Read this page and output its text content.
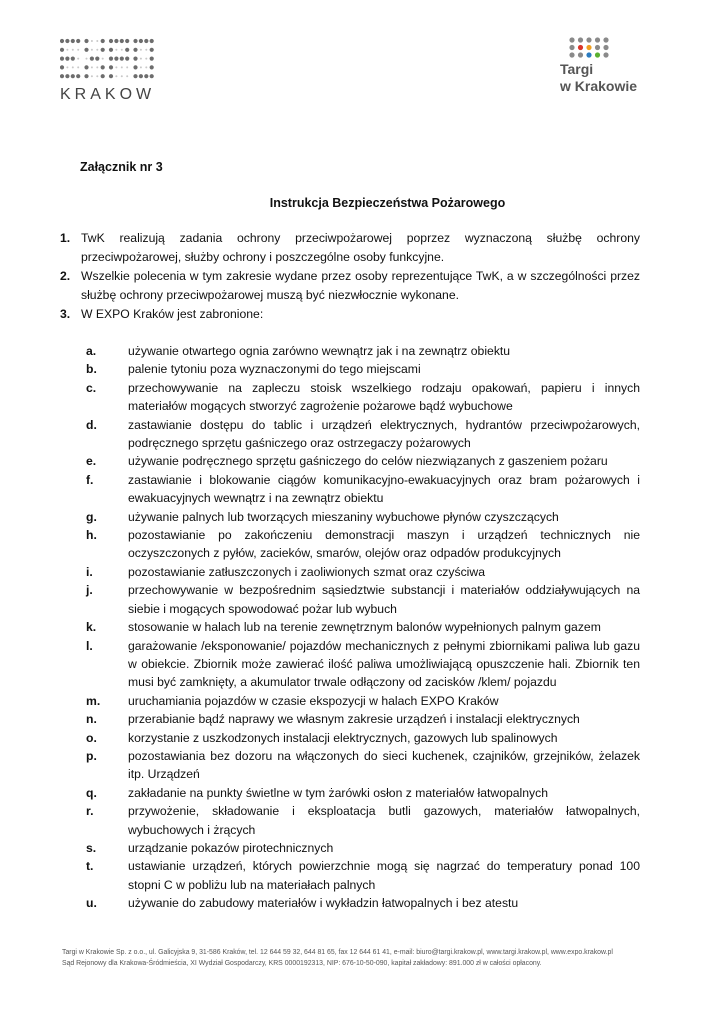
KRAKOW
Targi
w Krakowie
Załącznik nr 3
Instrukcja Bezpieczeństwa Pożarowego
1. TwK realizują zadania ochrony przeciwpożarowej poprzez wyznaczoną służbę ochrony przeciwpożarowej, służby ochrony i poszczególne osoby funkcyjne.
2. Wszelkie polecenia w tym zakresie wydane przez osoby reprezentujące TwK, a w szczególności przez służbę ochrony przeciwpożarowej muszą być niezwłocznie wykonane.
3. W EXPO Kraków jest zabronione:
a.	używanie otwartego ognia zarówno wewnątrz jak i na zewnątrz obiektu
b.	palenie tytoniu poza wyznaczonymi do tego miejscami
c.	przechowywanie na zapleczu stoisk wszelkiego rodzaju opakowań, papieru i innych materiałów mogących stworzyć zagrożenie pożarowe bądź wybuchowe
d.	zastawianie dostępu do tablic i urządzeń elektrycznych, hydrantów przeciwpożarowych, podręcznego sprzętu gaśniczego oraz ostrzegaczy pożarowych
e.	używanie podręcznego sprzętu gaśniczego do celów niezwiązanych z gaszeniem pożaru
f.	zastawianie i blokowanie ciągów komunikacyjno-ewakuacyjnych oraz bram pożarowych i ewakuacyjnych wewnątrz i na zewnątrz obiektu
g.	używanie palnych lub tworzących mieszaniny wybuchowe płynów czyszczących
h.	pozostawianie po zakończeniu demonstracji maszyn i urządzeń technicznych nie oczyszczonych z pyłów, zacieków, smarów, olejów oraz odpadów produkcyjnych
i.	pozostawianie zatłuszczonych i zaoliwionych szmat oraz czyściwa
j.	przechowywanie w bezpośrednim sąsiedztwie substancji i materiałów oddziaływujących na siebie i mogących spowodować pożar lub wybuch
k.	stosowanie w halach lub na terenie zewnętrznym balonów wypełnionych palnym gazem
l.	garażowanie /eksponowanie/ pojazdów mechanicznych z pełnymi zbiornikami paliwa lub gazu w obiekcie. Zbiornik może zawierać ilość paliwa umożliwiającą opuszczenie hali. Zbiornik ten musi być zamknięty, a akumulator trwale odłączony od zacisków /klem/ pojazdu
m.	uruchamiania pojazdów w czasie ekspozycji w halach EXPO Kraków
n.	przerabianie bądź naprawy we własnym zakresie urządzeń i instalacji elektrycznych
o.	korzystanie z uszkodzonych instalacji elektrycznych, gazowych lub spalinowych
p.	pozostawiania bez dozoru na włączonych do sieci kuchenek, czajników, grzejników, żelazek itp. Urządzeń
q.	zakładanie na punkty świetlne w tym żarówki osłon z materiałów łatwopalnych
r.	przywożenie, składowanie i eksploatacja butli gazowych, materiałów łatwopalnych, wybuchowych i żrących
s.	urządzanie pokazów pirotechnicznych
t.	ustawianie urządzeń, których powierzchnie mogą się nagrzać do temperatury ponad 100 stopni C w pobliżu lub na materiałach palnych
u.	używanie do zabudowy materiałów i wykładzin łatwopalnych i bez atestu
Targi w Krakowie Sp. z o.o., ul. Galicyjska 9, 31-586 Kraków, tel. 12 644 59 32, 644 81 65, fax 12 644 61 41, e-mail: biuro@targi.krakow.pl, www.targi.krakow.pl, www.expo.krakow.pl
Sąd Rejonowy dla Krakowa-Śródmieścia, XI Wydział Gospodarczy, KRS 0000192313, NIP: 676-10-50-090, kapitał zakładowy: 891.000 zł w całości opłacony.
